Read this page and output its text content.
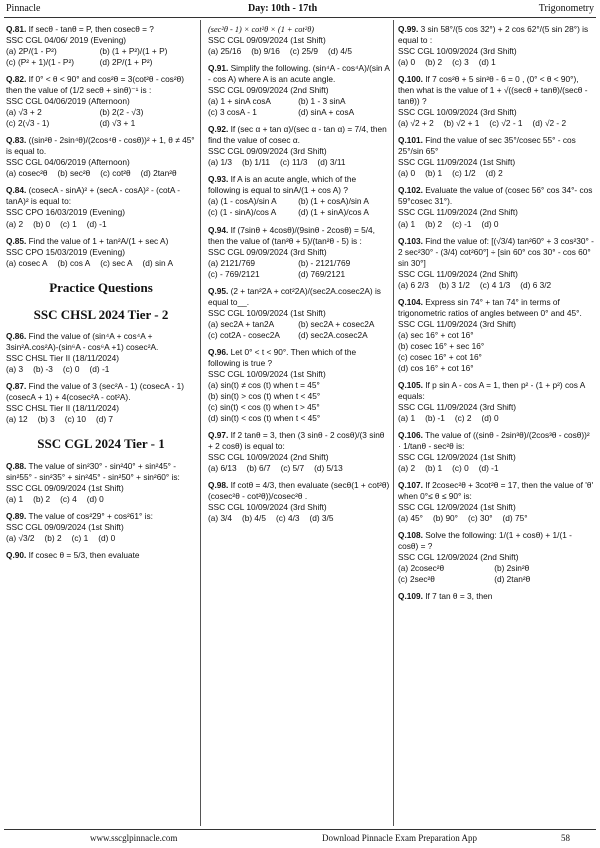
Pinnacle	Day: 10th - 17th	Trigonometry

Q.81. If secθ - tanθ = P, then cosecθ = ?

SSC CGL 04/06/ 2019 (Evening)

(a) 2P/(1 - P²)	(b) (1 + P²)/(1 + P)
(c) (P² + 1)/(1 - P²)	(d) 2P/(1 + P²)

Q.82. If 0° < θ < 90° and cos²θ = 3(cot²θ - cos²θ) then the value of (1/2 secθ + sinθ)⁻¹ is :

SSC CGL 04/06/2019 (Afternoon)

(a) √3 + 2	(b) 2(2 - √3)
(c) 2(√3 - 1)	(d) √3 + 1

Q.83. ((sin²θ - 2sin⁴θ)/(2cos⁴θ - cosθ))² + 1, θ ≠ 45° is equal to.

SSC CGL 04/06/2019 (Afternoon)

(a) cosec²θ (b) sec²θ (c) cot²θ (d) 2tan²θ

Q.84. (cosecA - sinA)² + (secA - cosA)² - (cotA - tanA)² is equal to:

SSC CPO 16/03/2019 (Evening)

(a) 2 (b) 0 (c) 1 (d) -1

Q.85. Find the value of 1 + tan²A/(1 + sec A)

SSC CPO 15/03/2019 (Evening)

(a) cosec A (b) cos A (c) sec A (d) sin A
Practice Questions
SSC CHSL 2024 Tier - 2

Q.86. Find the value of (sin⁴A + cos⁴A + 3sin²A.cos²A)-(sin⁶A - cos⁶A +1) cosec²A.

SSC CHSL Tier II (18/11/2024)

(a) 3 (b) -3 (c) 0 (d) -1

Q.87. Find the value of 3 (sec²A - 1) (cosecA - 1) (cosecA + 1) + 4(cosec²A - cot²A).

SSC CHSL Tier II (18/11/2024)

(a) 12 (b) 3 (c) 10 (d) 7
SSC CGL 2024 Tier - 1

Q.88. The value of sin²30° - sin²40° + sin²45° - sin²55° - sin²35° + sin²45° - sin²50° + sin²60° is:

SSC CGL 09/09/2024 (1st Shift)

(a) 1 (b) 2 (c) 4 (d) 0

Q.89. The value of cos²29° + cos²61° is:

SSC CGL 09/09/2024 (1st Shift)

(a) √3/2 (b) 2 (c) 1 (d) 0

Q.90. If cosec θ = 5/3, then evaluate

(sec²θ - 1) × cot²θ × (1 + cot²θ)

SSC CGL 09/09/2024 (1st Shift)

(a) 25/16 (b) 9/16 (c) 25/9 (d) 4/5

Q.91. Simplify the following. (sin⁴A - cos⁴A)/(sin A - cos A) where A is an acute angle.

SSC CGL 09/09/2024 (2nd Shift)

(a) 1 + sinA cosA	(b) 1 - 3 sinA
(c) 3 cosA - 1	(d) sinA + cosA

Q.92. If (sec α + tan α)/(sec α - tan α) = 7/4, then find the value of cosec α.

SSC CGL 09/09/2024 (3rd Shift)

(a) 1/3 (b) 1/11 (c) 11/3 (d) 3/11

Q.93. If A is an acute angle, which of the following is equal to sinA/(1 + cos A) ?

(a) (1 - cosA)/sin A	(b) (1 + cosA)/sin A
(c) (1 - sinA)/cos A	(d) (1 + sinA)/cos A

Q.94. If (7sinθ + 4cosθ)/(9sinθ - 2cosθ) = 5/4, then the value of (tan²θ + 5)/(tan²θ - 5) is :

SSC CGL 09/09/2024 (3rd Shift)

(a) 2121/769	(b) - 2121/769
(c) - 769/2121	(d) 769/2121

Q.95. (2 + tan²2A + cot²2A)/(sec2A.cosec2A) is equal to__.

SSC CGL 10/09/2024 (1st Shift)

(a) sec2A + tan2A	(b) sec2A + cosec2A
(c) cot2A - cosec2A	(d) sec2A.cosec2A

Q.96. Let 0° < t < 90°. Then which of the following is true ?

SSC CGL 10/09/2024 (1st Shift)

(a) sin(t) ≠ cos (t) when t = 45°

(b) sin(t) > cos (t) when t < 45°

(c) sin(t) < cos (t) when t > 45°

(d) sin(t) < cos (t) when t < 45°

Q.97. If 2 tanθ = 3, then (3 sinθ - 2 cosθ)/(3 sinθ + 2 cosθ) is equal to:

SSC CGL 10/09/2024 (2nd Shift)

(a) 6/13 (b) 6/7 (c) 5/7 (d) 5/13

Q.98. If cotθ = 4/3, then evaluate (secθ(1 + cot²θ)(cosec²θ - cot²θ))/cosec²θ .

SSC CGL 10/09/2024 (3rd Shift)

(a) 3/4 (b) 4/5 (c) 4/3 (d) 3/5

Q.99. 3 sin 58°/(5 cos 32°) + 2 cos 62°/(5 sin 28°) is equal to :

SSC CGL 10/09/2024 (3rd Shift)

(a) 0 (b) 2 (c) 3 (d) 1

Q.100. If 7 cos²θ + 5 sin²θ - 6 = 0 , (0° < θ < 90°), then what is the value of 1 + √((secθ + tanθ)/(secθ - tanθ)) ?

SSC CGL 10/09/2024 (3rd Shift)

(a) √2 + 2 (b) √2 + 1 (c) √2 - 1 (d) √2 - 2

Q.101. Find the value of sec 35°/cosec 55° - cos 25°/sin 65°

SSC CGL 11/09/2024 (1st Shift)

(a) 0 (b) 1 (c) 1/2 (d) 2

Q.102. Evaluate the value of (cosec 56° cos 34°- cos 59°cosec 31°).

SSC CGL 11/09/2024 (2nd Shift)

(a) 1 (b) 2 (c) -1 (d) 0

Q.103. Find the value of: [(√3/4) tan²60° + 3 cos²30° - 2 sec²30° - (3/4) cot²60°] ÷ [sin 60° cos 30° - cos 60° sin 30°]

SSC CGL 11/09/2024 (2nd Shift)

(a) 6 2/3 (b) 3 1/2 (c) 4 1/3 (d) 6 3/2

Q.104. Express sin 74° + tan 74° in terms of trigonometric ratios of angles between 0° and 45°.

SSC CGL 11/09/2024 (3rd Shift)

(a) sec 16° + cot 16°

(b) cosec 16° + sec 16°

(c) cosec 16° + cot 16°

(d) cos 16° + cot 16°

Q.105. If p sin A - cos A = 1, then p² - (1 + p²) cos A equals:

SSC CGL 11/09/2024 (3rd Shift)

(a) 1 (b) -1 (c) 2 (d) 0

Q.106. The value of ((sinθ - 2sin³θ)/(2cos³θ - cosθ))² · 1/tanθ - sec²θ is:

SSC CGL 12/09/2024 (1st Shift)

(a) 2 (b) 1 (c) 0 (d) -1

Q.107. If 2cosec²θ + 3cot²θ = 17, then the value of 'θ' when 0°≤ θ ≤ 90° is:

SSC CGL 12/09/2024 (1st Shift)

(a) 45° (b) 90° (c) 30° (d) 75°

Q.108. Solve the following: 1/(1 + cosθ) + 1/(1 - cosθ) = ?

SSC CGL 12/09/2024 (2nd Shift)

(a) 2cosec²θ	(b) 2sin²θ
(c) 2sec²θ	(d) 2tan²θ

Q.109. If 7 tan θ = 3, then

www.sscglpinnacle.com	Download Pinnacle Exam Preparation App	58
